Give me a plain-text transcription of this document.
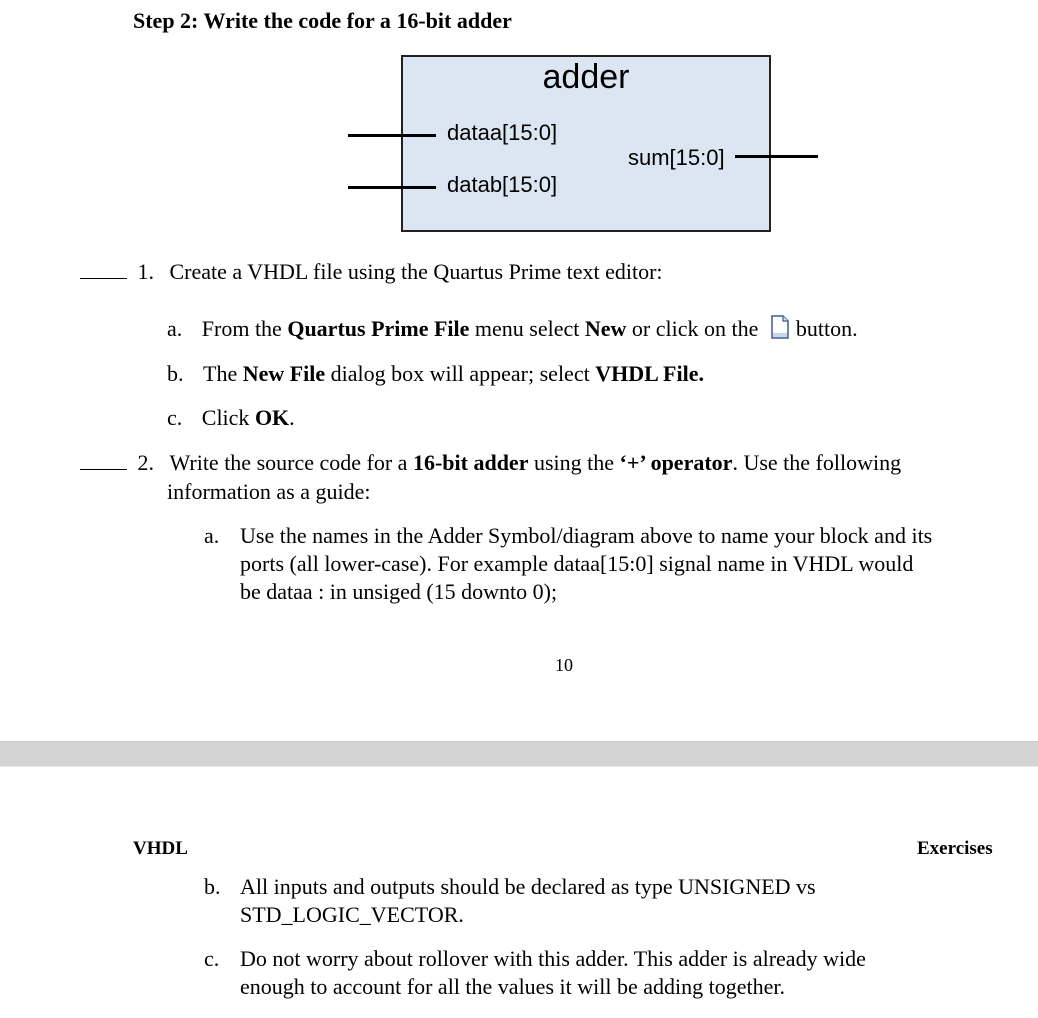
Step 2: Write the code for a 16-bit adder
adder
dataa[15:0]
datab[15:0]
sum[15:0]
1. Create a VHDL file using the Quartus Prime text editor:
a. From the Quartus Prime File menu select New or click on the button.
b. The New File dialog box will appear; select VHDL File.
c. Click OK.
2. Write the source code for a 16-bit adder using the ‘+’ operator. Use the following
information as a guide:
a. Use the names in the Adder Symbol/diagram above to name your block and its
ports (all lower-case). For example dataa[15:0] signal name in VHDL would
be dataa : in unsiged (15 downto 0);
10
VHDL	Exercises
b. All inputs and outputs should be declared as type UNSIGNED vs
STD_LOGIC_VECTOR.
c. Do not worry about rollover with this adder. This adder is already wide
enough to account for all the values it will be adding together.
